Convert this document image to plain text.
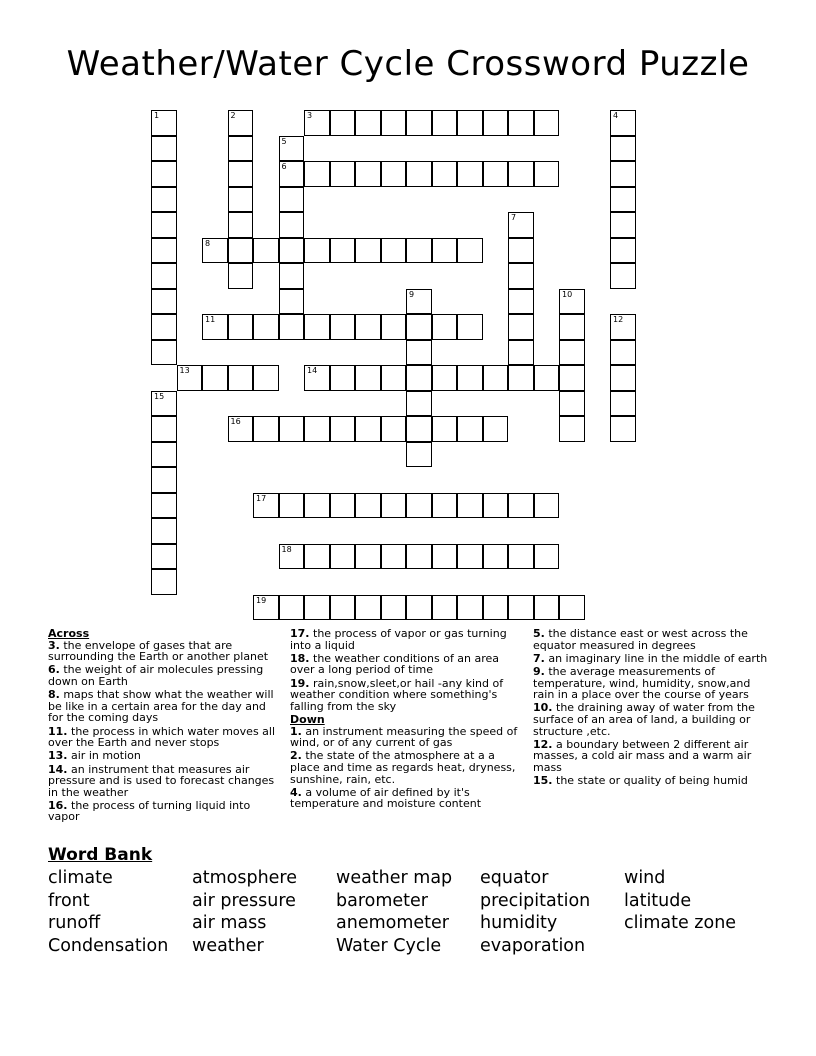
Weather/Water Cycle Crossword Puzzle
3
6
8
11
13	14
16
17
18
19
1	2	4
5
7
9	10
12
15
Across
3. the envelope of gases that are surrounding the Earth or another planet
6. the weight of air molecules pressing down on Earth
8. maps that show what the weather will be like in a certain area for the day and for the coming days
11. the process in which water moves all over the Earth and never stops
13. air in motion
14. an instrument that measures air pressure and is used to forecast changes in the weather
16. the process of turning liquid into vapor
17. the process of vapor or gas turning into a liquid
18. the weather conditions of an area over a long period of time
19. rain,snow,sleet,or hail -any kind of weather condition where something's falling from the sky
Down
1. an instrument measuring the speed of wind, or of any current of gas
2. the state of the atmosphere at a a place and time as regards heat, dryness, sunshine, rain, etc.
4. a volume of air defined by it's temperature and moisture content
5. the distance east or west across the equator measured in degrees
7. an imaginary line in the middle of earth
9. the average measurements of temperature, wind, humidity, snow,and rain in a place over the course of years
10. the draining away of water from the surface of an area of land, a building or structure ,etc.
12. a boundary between 2 different air masses, a cold air mass and a warm air mass
15. the state or quality of being humid
Word Bank
climate	atmosphere	weather map	equator	wind
front	air pressure	barometer	precipitation	latitude
runoff	air mass	anemometer	humidity	climate zone
Condensation	weather	Water Cycle	evaporation
